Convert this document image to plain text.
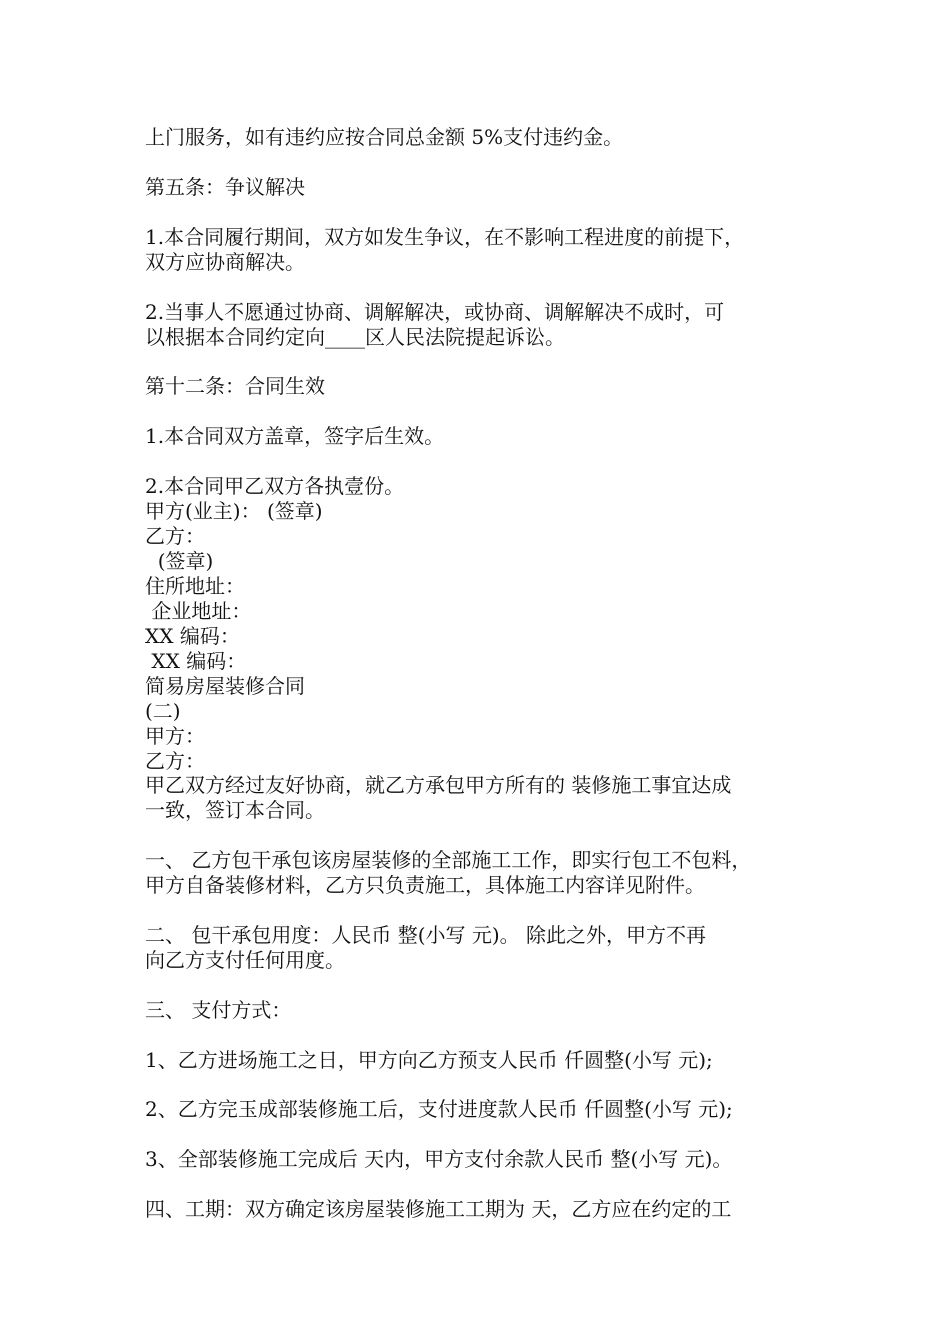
上门服务，如有违约应按合同总金额 5%支付违约金。

第五条：争议解决

1.本合同履行期间，双方如发生争议，在不影响工程进度的前提下，

双方应协商解决。

2.当事人不愿通过协商、调解解决，或协商、调解解决不成时，可

以根据本合同约定向____区人民法院提起诉讼。

第十二条：合同生效

1.本合同双方盖章，签字后生效。

2.本合同甲乙双方各执壹份。

甲方(业主)： (签章)

乙方：

(签章)

住所地址：

企业地址：

XX 编码：

XX 编码：

简易房屋装修合同

(二)

甲方：

乙方：

甲乙双方经过友好协商，就乙方承包甲方所有的 装修施工事宜达成

一致，签订本合同。

一、 乙方包干承包该房屋装修的全部施工工作，即实行包工不包料，

甲方自备装修材料，乙方只负责施工，具体施工内容详见附件。

二、 包干承包用度：人民币 整(小写 元)。 除此之外，甲方不再

向乙方支付任何用度。

三、 支付方式：

1、乙方进场施工之日，甲方向乙方预支人民币 仟圆整(小写 元);

2、乙方完玉成部装修施工后，支付进度款人民币 仟圆整(小写 元);

3、全部装修施工完成后 天内，甲方支付余款人民币 整(小写 元)。

四、工期：双方确定该房屋装修施工工期为 天，乙方应在约定的工
